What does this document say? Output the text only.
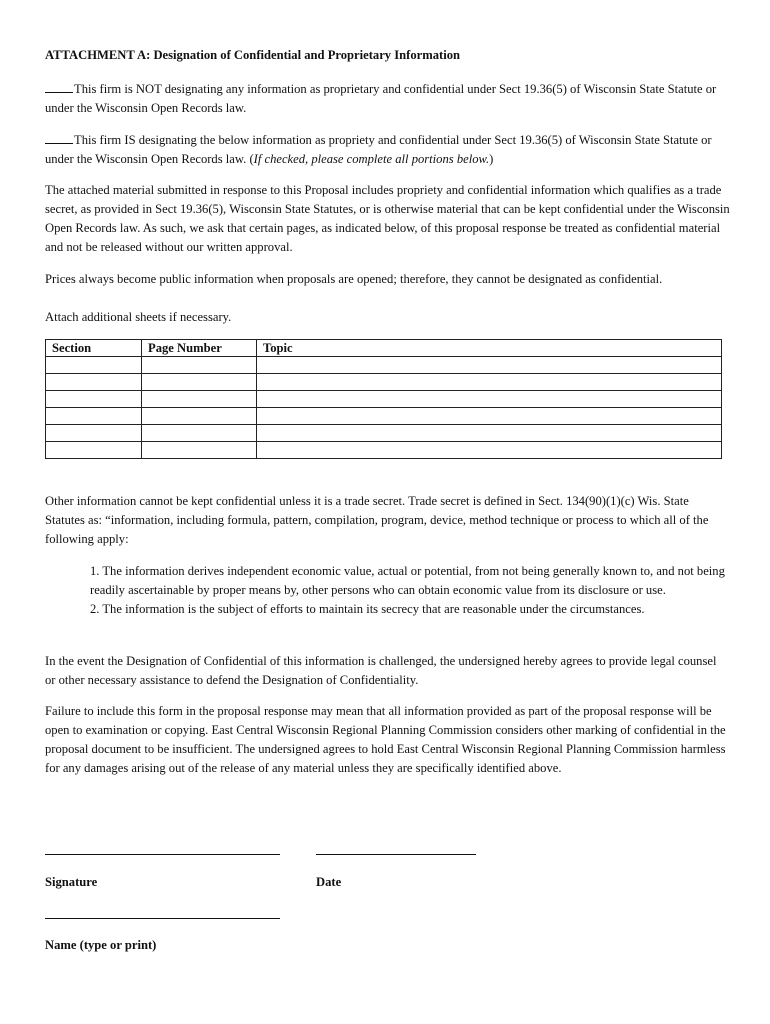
ATTACHMENT A: Designation of Confidential and Proprietary Information

This firm is NOT designating any information as proprietary and confidential under Sect 19.36(5) of Wisconsin State Statute or under the Wisconsin Open Records law.

This firm IS designating the below information as propriety and confidential under Sect 19.36(5) of Wisconsin State Statute or under the Wisconsin Open Records law. (If checked, please complete all portions below.)

The attached material submitted in response to this Proposal includes propriety and confidential information which qualifies as a trade secret, as provided in Sect 19.36(5), Wisconsin State Statutes, or is otherwise material that can be kept confidential under the Wisconsin Open Records law. As such, we ask that certain pages, as indicated below, of this proposal response be treated as confidential material and not be released without our written approval.

Prices always become public information when proposals are opened; therefore, they cannot be designated as confidential.

Attach additional sheets if necessary.

Section	Page Number	Topic

Other information cannot be kept confidential unless it is a trade secret. Trade secret is defined in Sect. 134(90)(1)(c) Wis. State Statutes as: “information, including formula, pattern, compilation, program, device, method technique or process to which all of the following apply:

1. The information derives independent economic value, actual or potential, from not being generally known to, and not being readily ascertainable by proper means by, other persons who can obtain economic value from its disclosure or use.
2. The information is the subject of efforts to maintain its secrecy that are reasonable under the circumstances.

In the event the Designation of Confidential of this information is challenged, the undersigned hereby agrees to provide legal counsel or other necessary assistance to defend the Designation of Confidentiality.

Failure to include this form in the proposal response may mean that all information provided as part of the proposal response will be open to examination or copying. East Central Wisconsin Regional Planning Commission considers other marking of confidential in the proposal document to be insufficient. The undersigned agrees to hold East Central Wisconsin Regional Planning Commission harmless for any damages arising out of the release of any material unless they are specifically identified above.

Signature	Date
Name (type or print)
